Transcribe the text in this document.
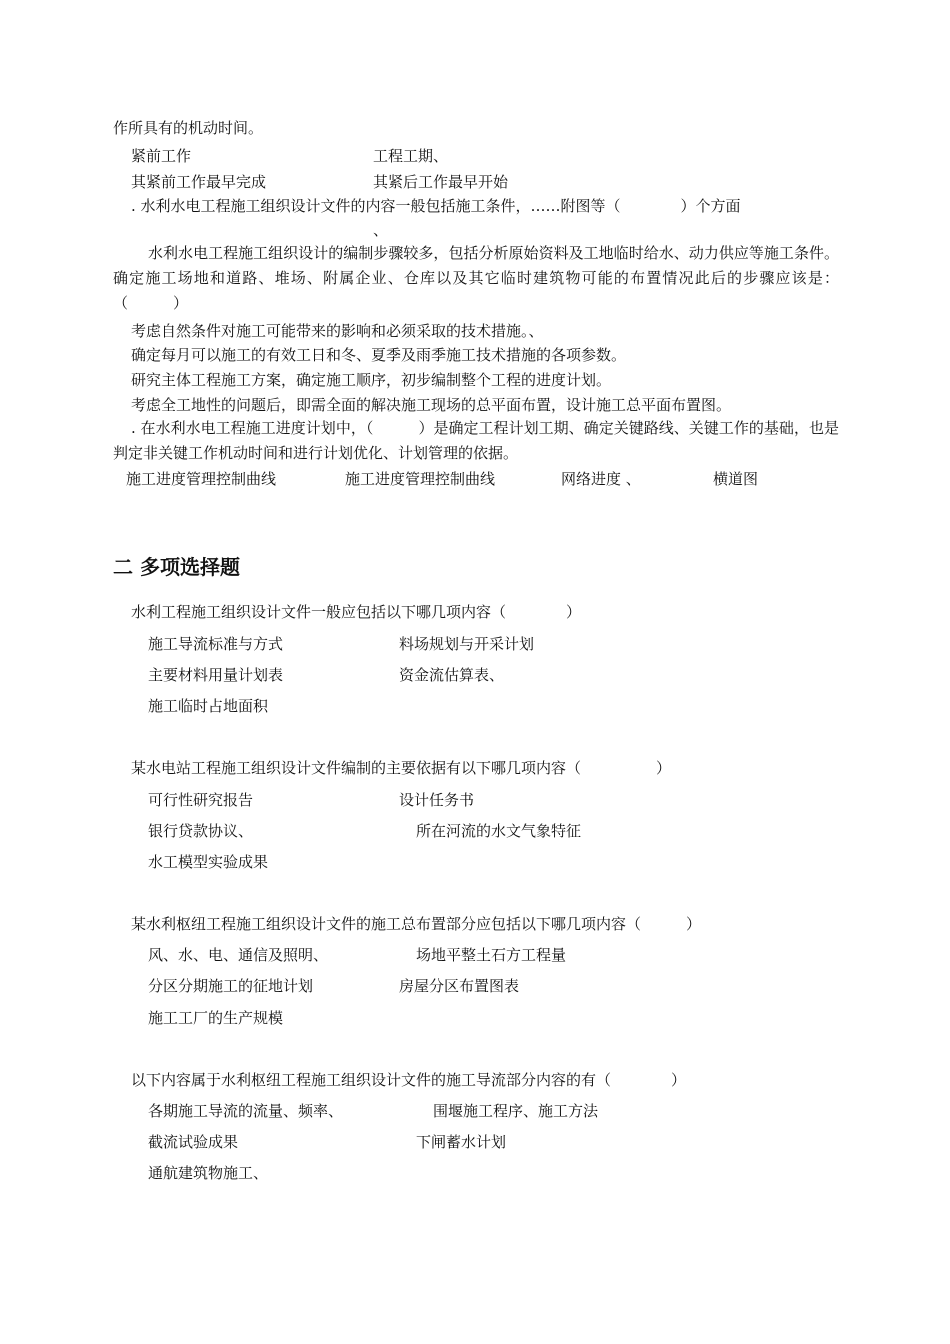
作所具有的机动时间。
紧前工作	工程工期、
其紧前工作最早完成	其紧后工作最早开始
. 水利水电工程施工组织设计文件的内容一般包括施工条件，……附图等（　　　　）个方面
、
水利水电工程施工组织设计的编制步骤较多，包括分析原始资料及工地临时给水、动力供应等施工条件。确定施工场地和道路、堆场、附属企业、仓库以及其它临时建筑物可能的布置情况此后的步骤应该是：（　　　）
考虑自然条件对施工可能带来的影响和必须采取的技术措施。、
确定每月可以施工的有效工日和冬、夏季及雨季施工技术措施的各项参数。
研究主体工程施工方案，确定施工顺序，初步编制整个工程的进度计划。
考虑全工地性的问题后，即需全面的解决施工现场的总平面布置，设计施工总平面布置图。
. 在水利水电工程施工进度计划中，（　　　）是确定工程计划工期、确定关键路线、关键工作的基础，也是判定非关键工作机动时间和进行计划优化、计划管理的依据。
施工进度管理控制曲线	施工进度管理控制曲线	网络进度 、	横道图
二 多项选择题
水利工程施工组织设计文件一般应包括以下哪几项内容（　　　　）
施工导流标准与方式	料场规划与开采计划
主要材料用量计划表	资金流估算表、
施工临时占地面积
某水电站工程施工组织设计文件编制的主要依据有以下哪几项内容（　　　　　）
可行性研究报告	设计任务书
银行贷款协议、	所在河流的水文气象特征
水工模型实验成果
某水利枢纽工程施工组织设计文件的施工总布置部分应包括以下哪几项内容（　　　）
风、水、电、通信及照明、	场地平整土石方工程量
分区分期施工的征地计划	房屋分区布置图表
施工工厂的生产规模
以下内容属于水利枢纽工程施工组织设计文件的施工导流部分内容的有（　　　　）
各期施工导流的流量、频率、	围堰施工程序、施工方法
截流试验成果	下闸蓄水计划
通航建筑物施工、
